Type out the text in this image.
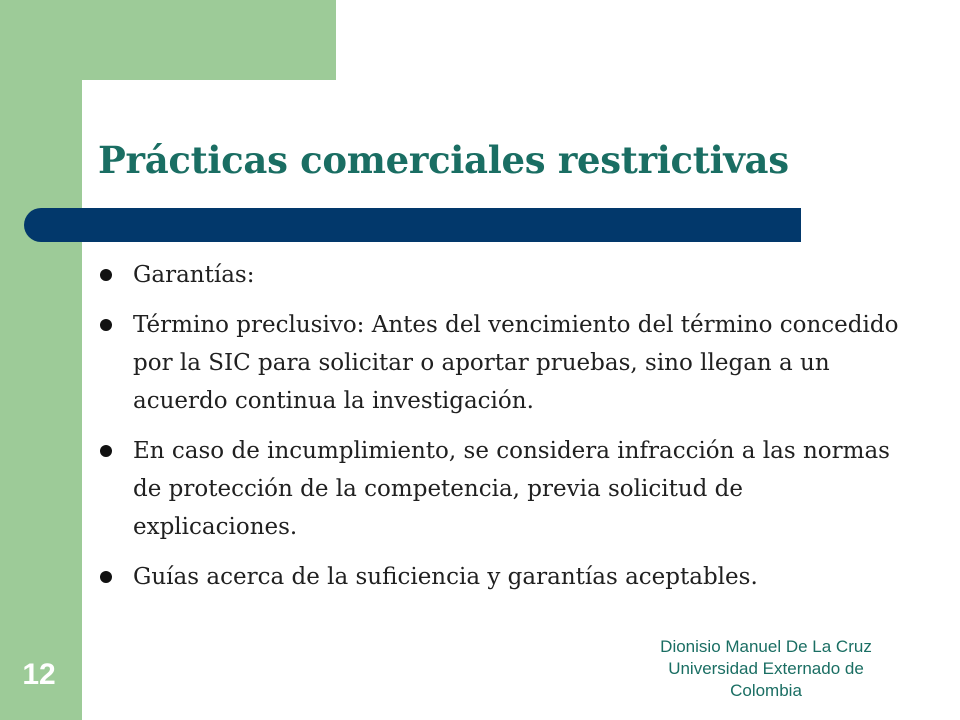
Prácticas comerciales restrictivas
Garantías:
Término preclusivo: Antes del vencimiento del término concedido por la SIC para solicitar o aportar pruebas, sino llegan a un acuerdo continua la investigación.
En caso de incumplimiento, se considera infracción a las normas de protección de la competencia, previa solicitud de explicaciones.
Guías acerca de la suficiencia y garantías aceptables.
12
Dionisio Manuel De La Cruz
Universidad Externado de
Colombia
